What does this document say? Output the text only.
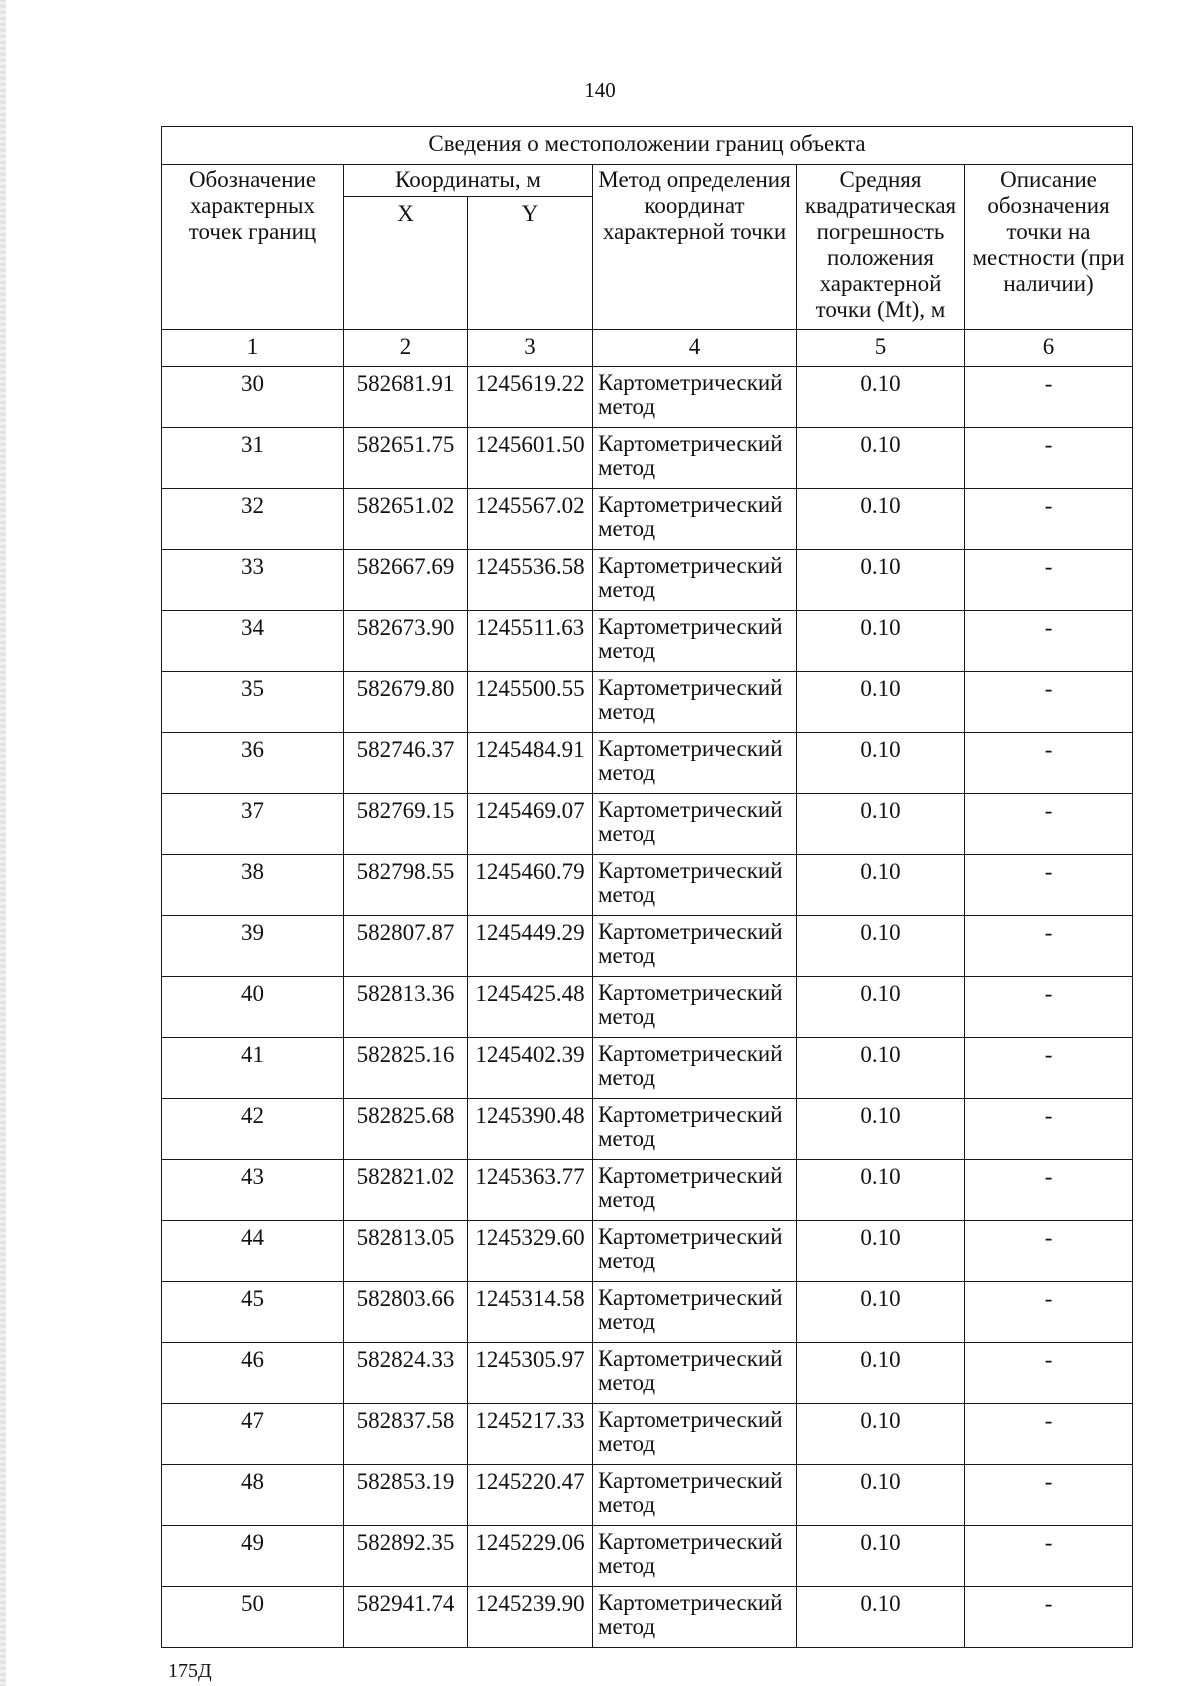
140
Сведения о местоположении границ объекта					
Обозначение характерных точек границ	Координаты, м		Метод определения координат характерной точки	Средняя квадратическая погрешность положения характерной точки (Mt), м	Описание обозначения точки на местности (при наличии)
	X	Y			
1	2	3	4	5	6
30	582681.91	1245619.22	Картометрический метод	0.10	-
31	582651.75	1245601.50	Картометрический метод	0.10	-
32	582651.02	1245567.02	Картометрический метод	0.10	-
33	582667.69	1245536.58	Картометрический метод	0.10	-
34	582673.90	1245511.63	Картометрический метод	0.10	-
35	582679.80	1245500.55	Картометрический метод	0.10	-
36	582746.37	1245484.91	Картометрический метод	0.10	-
37	582769.15	1245469.07	Картометрический метод	0.10	-
38	582798.55	1245460.79	Картометрический метод	0.10	-
39	582807.87	1245449.29	Картометрический метод	0.10	-
40	582813.36	1245425.48	Картометрический метод	0.10	-
41	582825.16	1245402.39	Картометрический метод	0.10	-
42	582825.68	1245390.48	Картометрический метод	0.10	-
43	582821.02	1245363.77	Картометрический метод	0.10	-
44	582813.05	1245329.60	Картометрический метод	0.10	-
45	582803.66	1245314.58	Картометрический метод	0.10	-
46	582824.33	1245305.97	Картометрический метод	0.10	-
47	582837.58	1245217.33	Картометрический метод	0.10	-
48	582853.19	1245220.47	Картометрический метод	0.10	-
49	582892.35	1245229.06	Картометрический метод	0.10	-
50	582941.74	1245239.90	Картометрический метод	0.10	-
175Д
